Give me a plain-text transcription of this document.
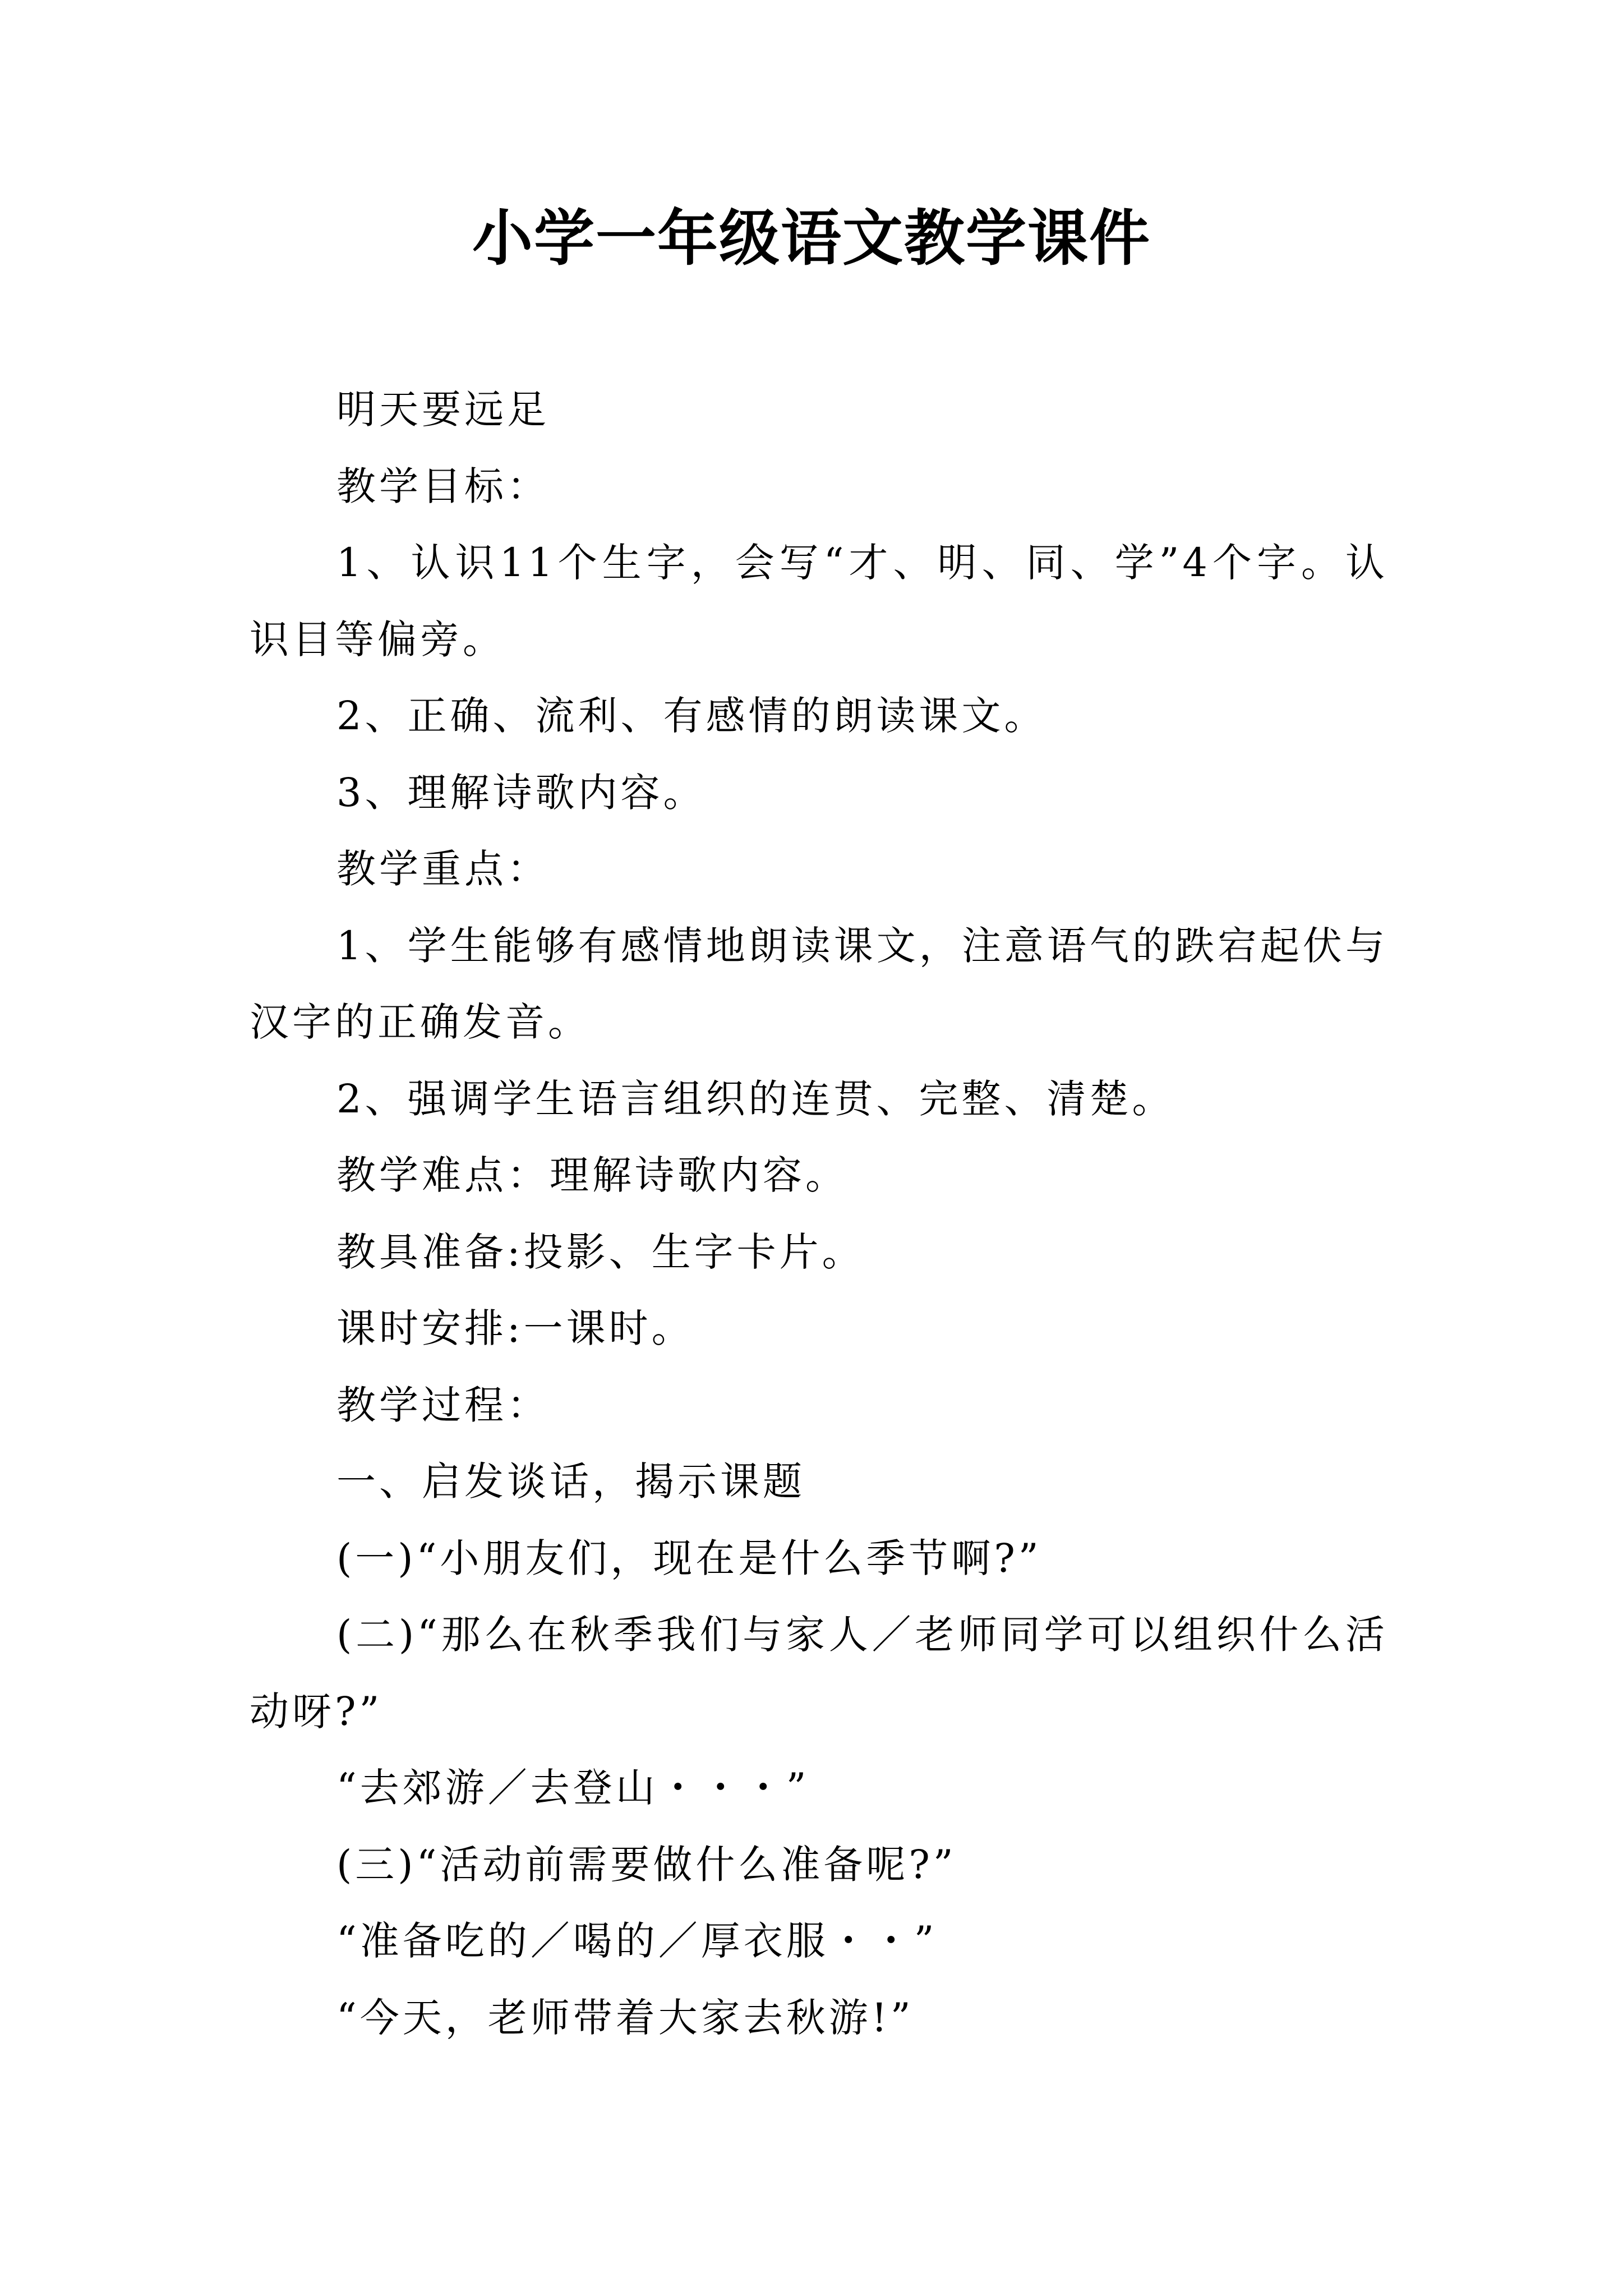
小学一年级语文教学课件

明天要远足

教学目标：

1、认识11个生字，会写“才、明、同、学”4个字。认识目等偏旁。

2、正确、流利、有感情的朗读课文。

3、理解诗歌内容。

教学重点：

1、学生能够有感情地朗读课文，注意语气的跌宕起伏与汉字的正确发音。

2、强调学生语言组织的连贯、完整、清楚。

教学难点：理解诗歌内容。

教具准备:投影、生字卡片。

课时安排:一课时。

教学过程：

一、启发谈话，揭示课题

(一)“小朋友们，现在是什么季节啊?”

(二)“那么在秋季我们与家人／老师同学可以组织什么活动呀?”

“去郊游／去登山・・・”

(三)“活动前需要做什么准备呢?”

“准备吃的／喝的／厚衣服・・”

“今天，老师带着大家去秋游!”
